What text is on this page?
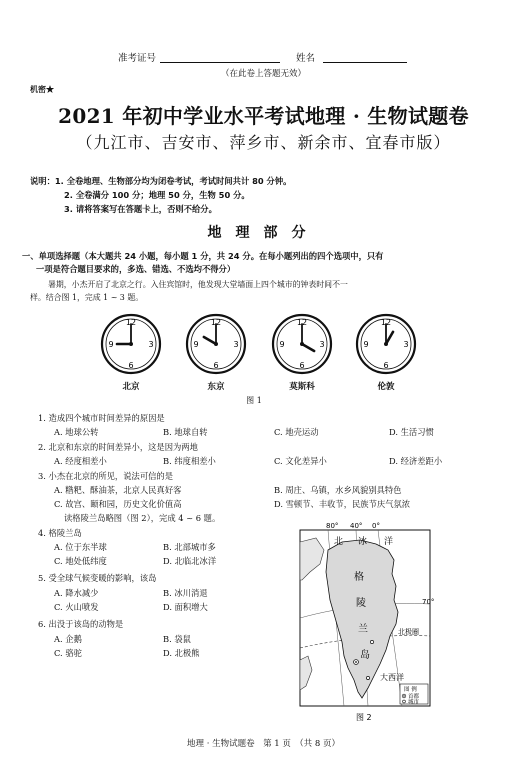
准考证号	姓名
（在此卷上答题无效）
机密★
2021 年初中学业水平考试地理 · 生物试题卷
（九江市、吉安市、萍乡市、新余市、宜春市版）
说明：1. 全卷地理、生物部分均为闭卷考试，考试时间共计 80 分钟。
2. 全卷满分 100 分；地理 50 分，生物 50 分。
3. 请将答案写在答题卡上，否则不给分。
地理部分
一、单项选择题（本大题共 24 小题，每小题 1 分，共 24 分。在每小题列出的四个选项中，只有
一项是符合题目要求的，多选、错选、不选均不得分）
暑期，小杰开启了北京之行。入住宾馆时，他发现大堂墙面上四个城市的钟表时间不一
样。结合图 1，完成 1 ~ 3 题。
12
3
6
9
12
3
6
9
12
3
6
9
12
3
6
9
北京	东京	莫斯科	伦敦
图 1
1. 造成四个城市时间差异的原因是
A. 地球公转	B. 地球自转	C. 地壳运动	D. 生活习惯
2. 北京和东京的时间差异小，这是因为两地
A. 经度相差小	B. 纬度相差小	C. 文化差异小	D. 经济差距小
3. 小杰在北京的所见，说法可信的是
A. 糌粑、酥油茶，北京人民真好客	B. 周庄、乌镇，水乡风貌别具特色
C. 故宫、颐和园，历史文化价值高	D. 雪顿节、丰收节，民族节庆气氛浓
读格陵兰岛略图（图 2），完成 4 ~ 6 题。
4. 格陵兰岛
A. 位于东半球	B. 北部城市多
C. 地处低纬度	D. 北临北冰洋
5. 受全球气候变暖的影响，该岛
A. 降水减少	B. 冰川消退
C. 火山喷发	D. 面积增大
6. 出没于该岛的动物是
A. 企鹅	B. 袋鼠
C. 骆驼	D. 北极熊
80° 40° 0°
北 冰 洋
格
陵
兰
岛
70°
北极圈
大西洋
图 例
首都
城市
图 2
地理 · 生物试题卷　第 1 页　（共 8 页）
